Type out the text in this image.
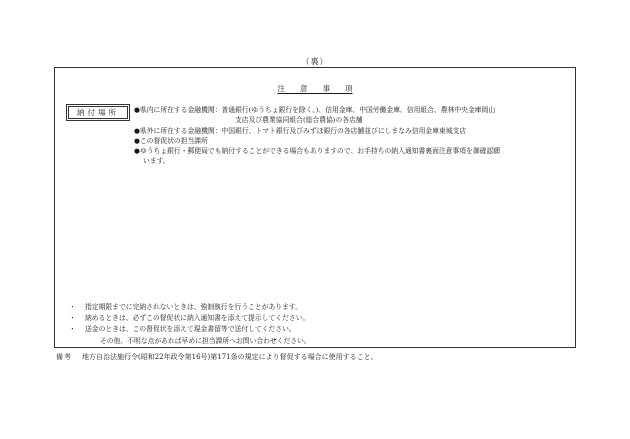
（裏）
注　　意　　事　　項
納付場所	●県内に所在する金融機関：普通銀行(ゆうちょ銀行を除く。)、信用金庫、中国労働金庫、信用組合、農林中央金庫岡山
支店及び農業協同組合(総合農協)の各店舗
●県外に所在する金融機関：中国銀行、トマト銀行及びみずほ銀行の各店舗並びにしまなみ信用金庫東城支店
●この督促状の担当課所
●ゆうちょ銀行・郵便局でも納付することができる場合もありますので、お手持ちの納入通知書裏面注意事項を御確認願
います。
・ 指定期限までに完納されないときは、強制執行を行うことがあります。
・ 納めるときは、必ずこの督促状に納入通知書を添えて提示してください。
・ 送金のときは、この督促状を添えて現金書留等で送付してください。
その他、不明な点があれば早めに担当課所へお問い合わせください。
備考 地方自治法施行令(昭和22年政令第16号)第171条の規定により督促する場合に使用すること。
